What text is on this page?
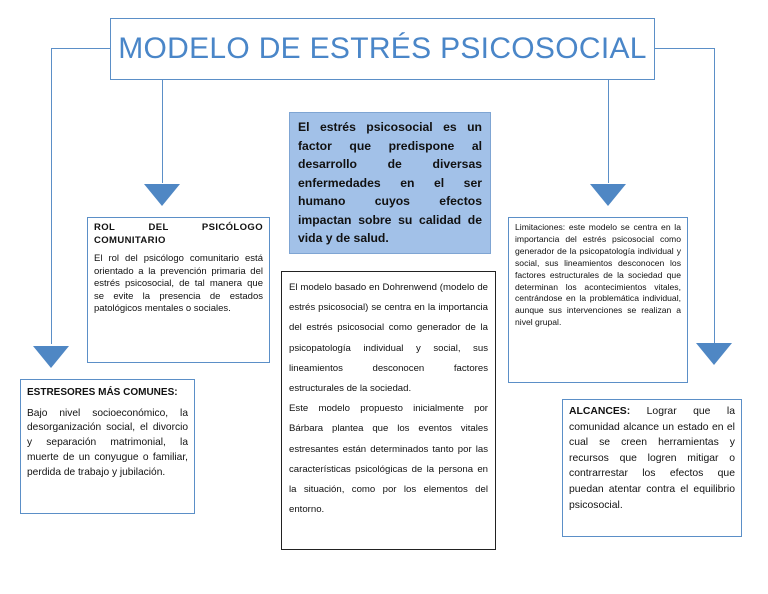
MODELO DE ESTRÉS PSICOSOCIAL
El estrés psicosocial es un factor que predispone al desarrollo de diversas enfermedades en el ser humano cuyos efectos impactan sobre su calidad de vida y de salud.
ROL DEL PSICÓLOGO COMUNITARIO

El rol del psicólogo comunitario está orientado a la prevención primaria del estrés psicosocial, de tal manera que se evite la presencia de estados patológicos mentales o sociales.

ESTRESORES MÁS COMUNES:

Bajo nivel socioeconómico, la desorganización social, el divorcio y separación matrimonial, la muerte de un conyugue o familiar, perdida de trabajo y jubilación.

El modelo basado en Dohrenwend (modelo de estrés psicosocial) se centra en la importancia del estrés psicosocial como generador de la psicopatología individual y social, sus lineamientos desconocen factores estructurales de la sociedad.

Este modelo propuesto inicialmente por Bárbara plantea que los eventos vitales estresantes están determinados tanto por las características psicológicas de la persona en la situación, como por los elementos del entorno.

Limitaciones: este modelo se centra en la importancia del estrés psicosocial como generador de la psicopatología individual y social, sus lineamientos desconocen los factores estructurales de la sociedad que determinan los acontecimientos vitales, centrándose en la problemática individual, aunque sus intervenciones se realizan a nivel grupal.
ALCANCES: Lograr que la comunidad alcance un estado en el cual se creen herramientas y recursos que logren mitigar o contrarrestar los efectos que puedan atentar contra el equilibrio psicosocial.
